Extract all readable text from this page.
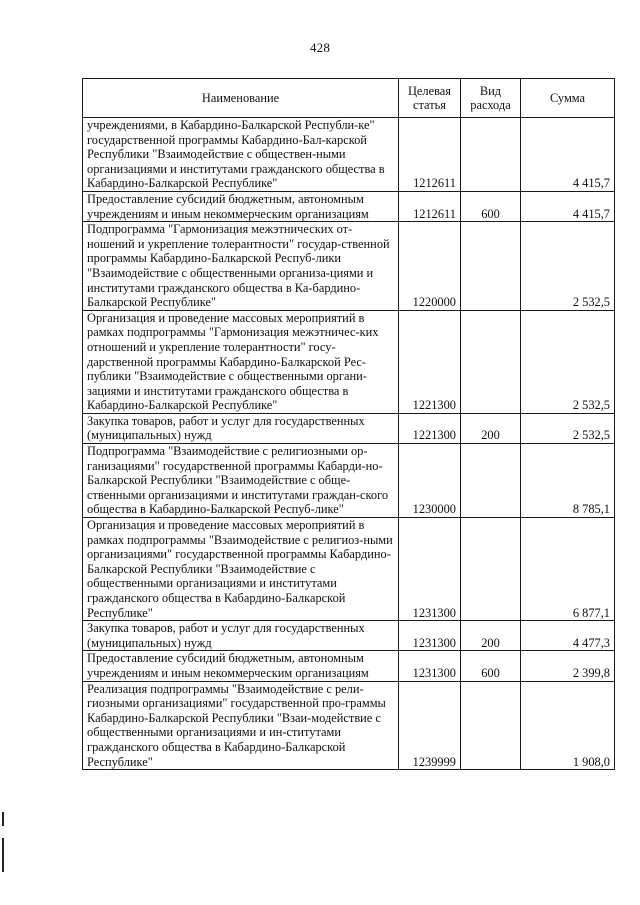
428
Наименование	Целевая статья	Вид расхода	Сумма
учреждениями, в Кабардино-Балкарской Республи-ке" государственной программы Кабардино-Бал-карской Республики "Взаимодействие с обществен-ными организациями и институтами гражданского общества в Кабардино-Балкарской Республике"	1212611		4 415,7
Предоставление субсидий бюджетным, автономным учреждениям и иным некоммерческим организациям	1212611	600	4 415,7
Подпрограмма "Гармонизация межэтнических от-ношений и укрепление толерантности" государ-ственной программы Кабардино-Балкарской Респуб-лики "Взаимодействие с общественными организа-циями и институтами гражданского общества в Ка-бардино-Балкарской Республике"	1220000		2 532,5
Организация и проведение массовых мероприятий в рамках подпрограммы "Гармонизация межэтничес-ких отношений и укрепление толерантности" госу-дарственной программы Кабардино-Балкарской Рес-публики "Взаимодействие с общественными органи-зациями и институтами гражданского общества в Кабардино-Балкарской Республике"	1221300		2 532,5
Закупка товаров, работ и услуг для государственных (муниципальных) нужд	1221300	200	2 532,5
Подпрограмма "Взаимодействие с религиозными ор-ганизациями" государственной программы Кабарди-но-Балкарской Республики "Взаимодействие с обще-ственными организациями и институтами граждан-ского общества в Кабардино-Балкарской Респуб-лике"	1230000		8 785,1
Организация и проведение массовых мероприятий в рамках подпрограммы "Взаимодействие с религиоз-ными организациями" государственной программы Кабардино-Балкарской Республики "Взаимодействие с общественными организациями и институтами гражданского общества в Кабардино-Балкарской Республике"	1231300		6 877,1
Закупка товаров, работ и услуг для государственных (муниципальных) нужд	1231300	200	4 477,3
Предоставление субсидий бюджетным, автономным учреждениям и иным некоммерческим организациям	1231300	600	2 399,8
Реализация подпрограммы "Взаимодействие с рели-гиозными организациями" государственной про-граммы Кабардино-Балкарской Республики "Взаи-модействие с общественными организациями и ин-ститутами гражданского общества в Кабардино-Балкарской Республике"	1239999		1 908,0
